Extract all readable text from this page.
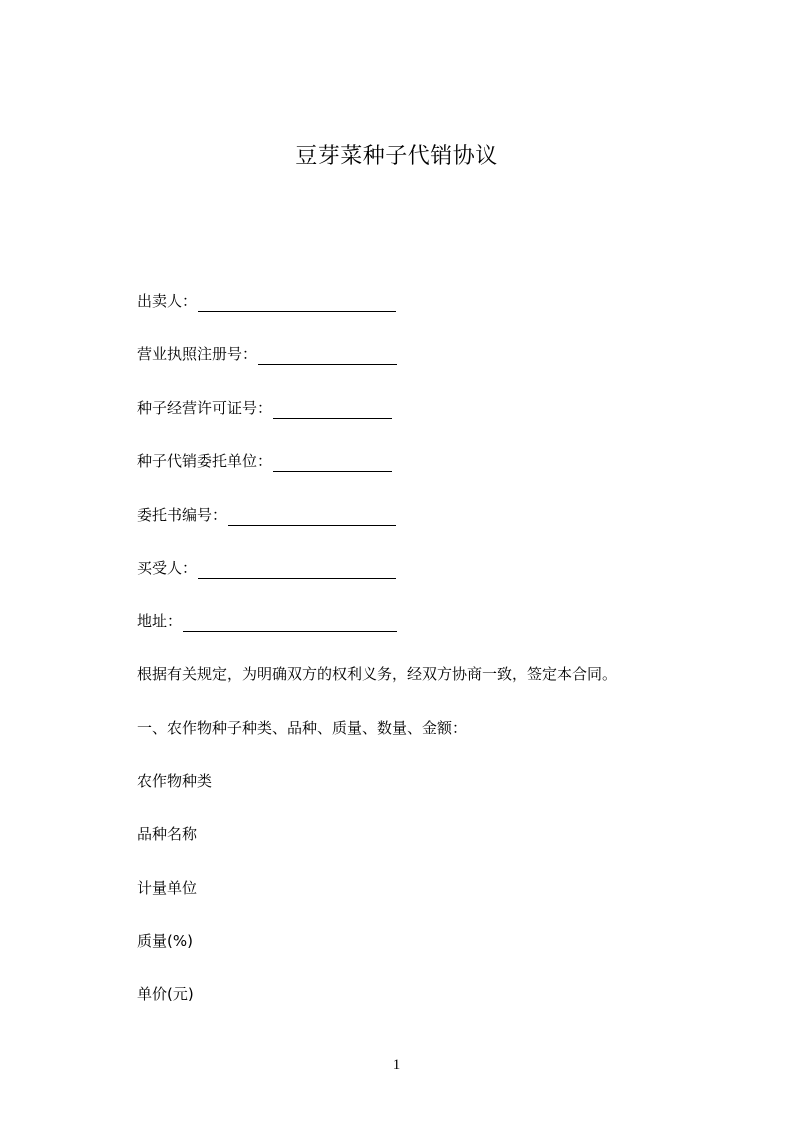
豆芽菜种子代销协议
出卖人：
营业执照注册号：
种子经营许可证号：
种子代销委托单位：
委托书编号：
买受人：
地址：
根据有关规定，为明确双方的权利义务，经双方协商一致，签定本合同。
一、农作物种子种类、品种、质量、数量、金额：
农作物种类
品种名称
计量单位
质量(%)
单价(元)
1
